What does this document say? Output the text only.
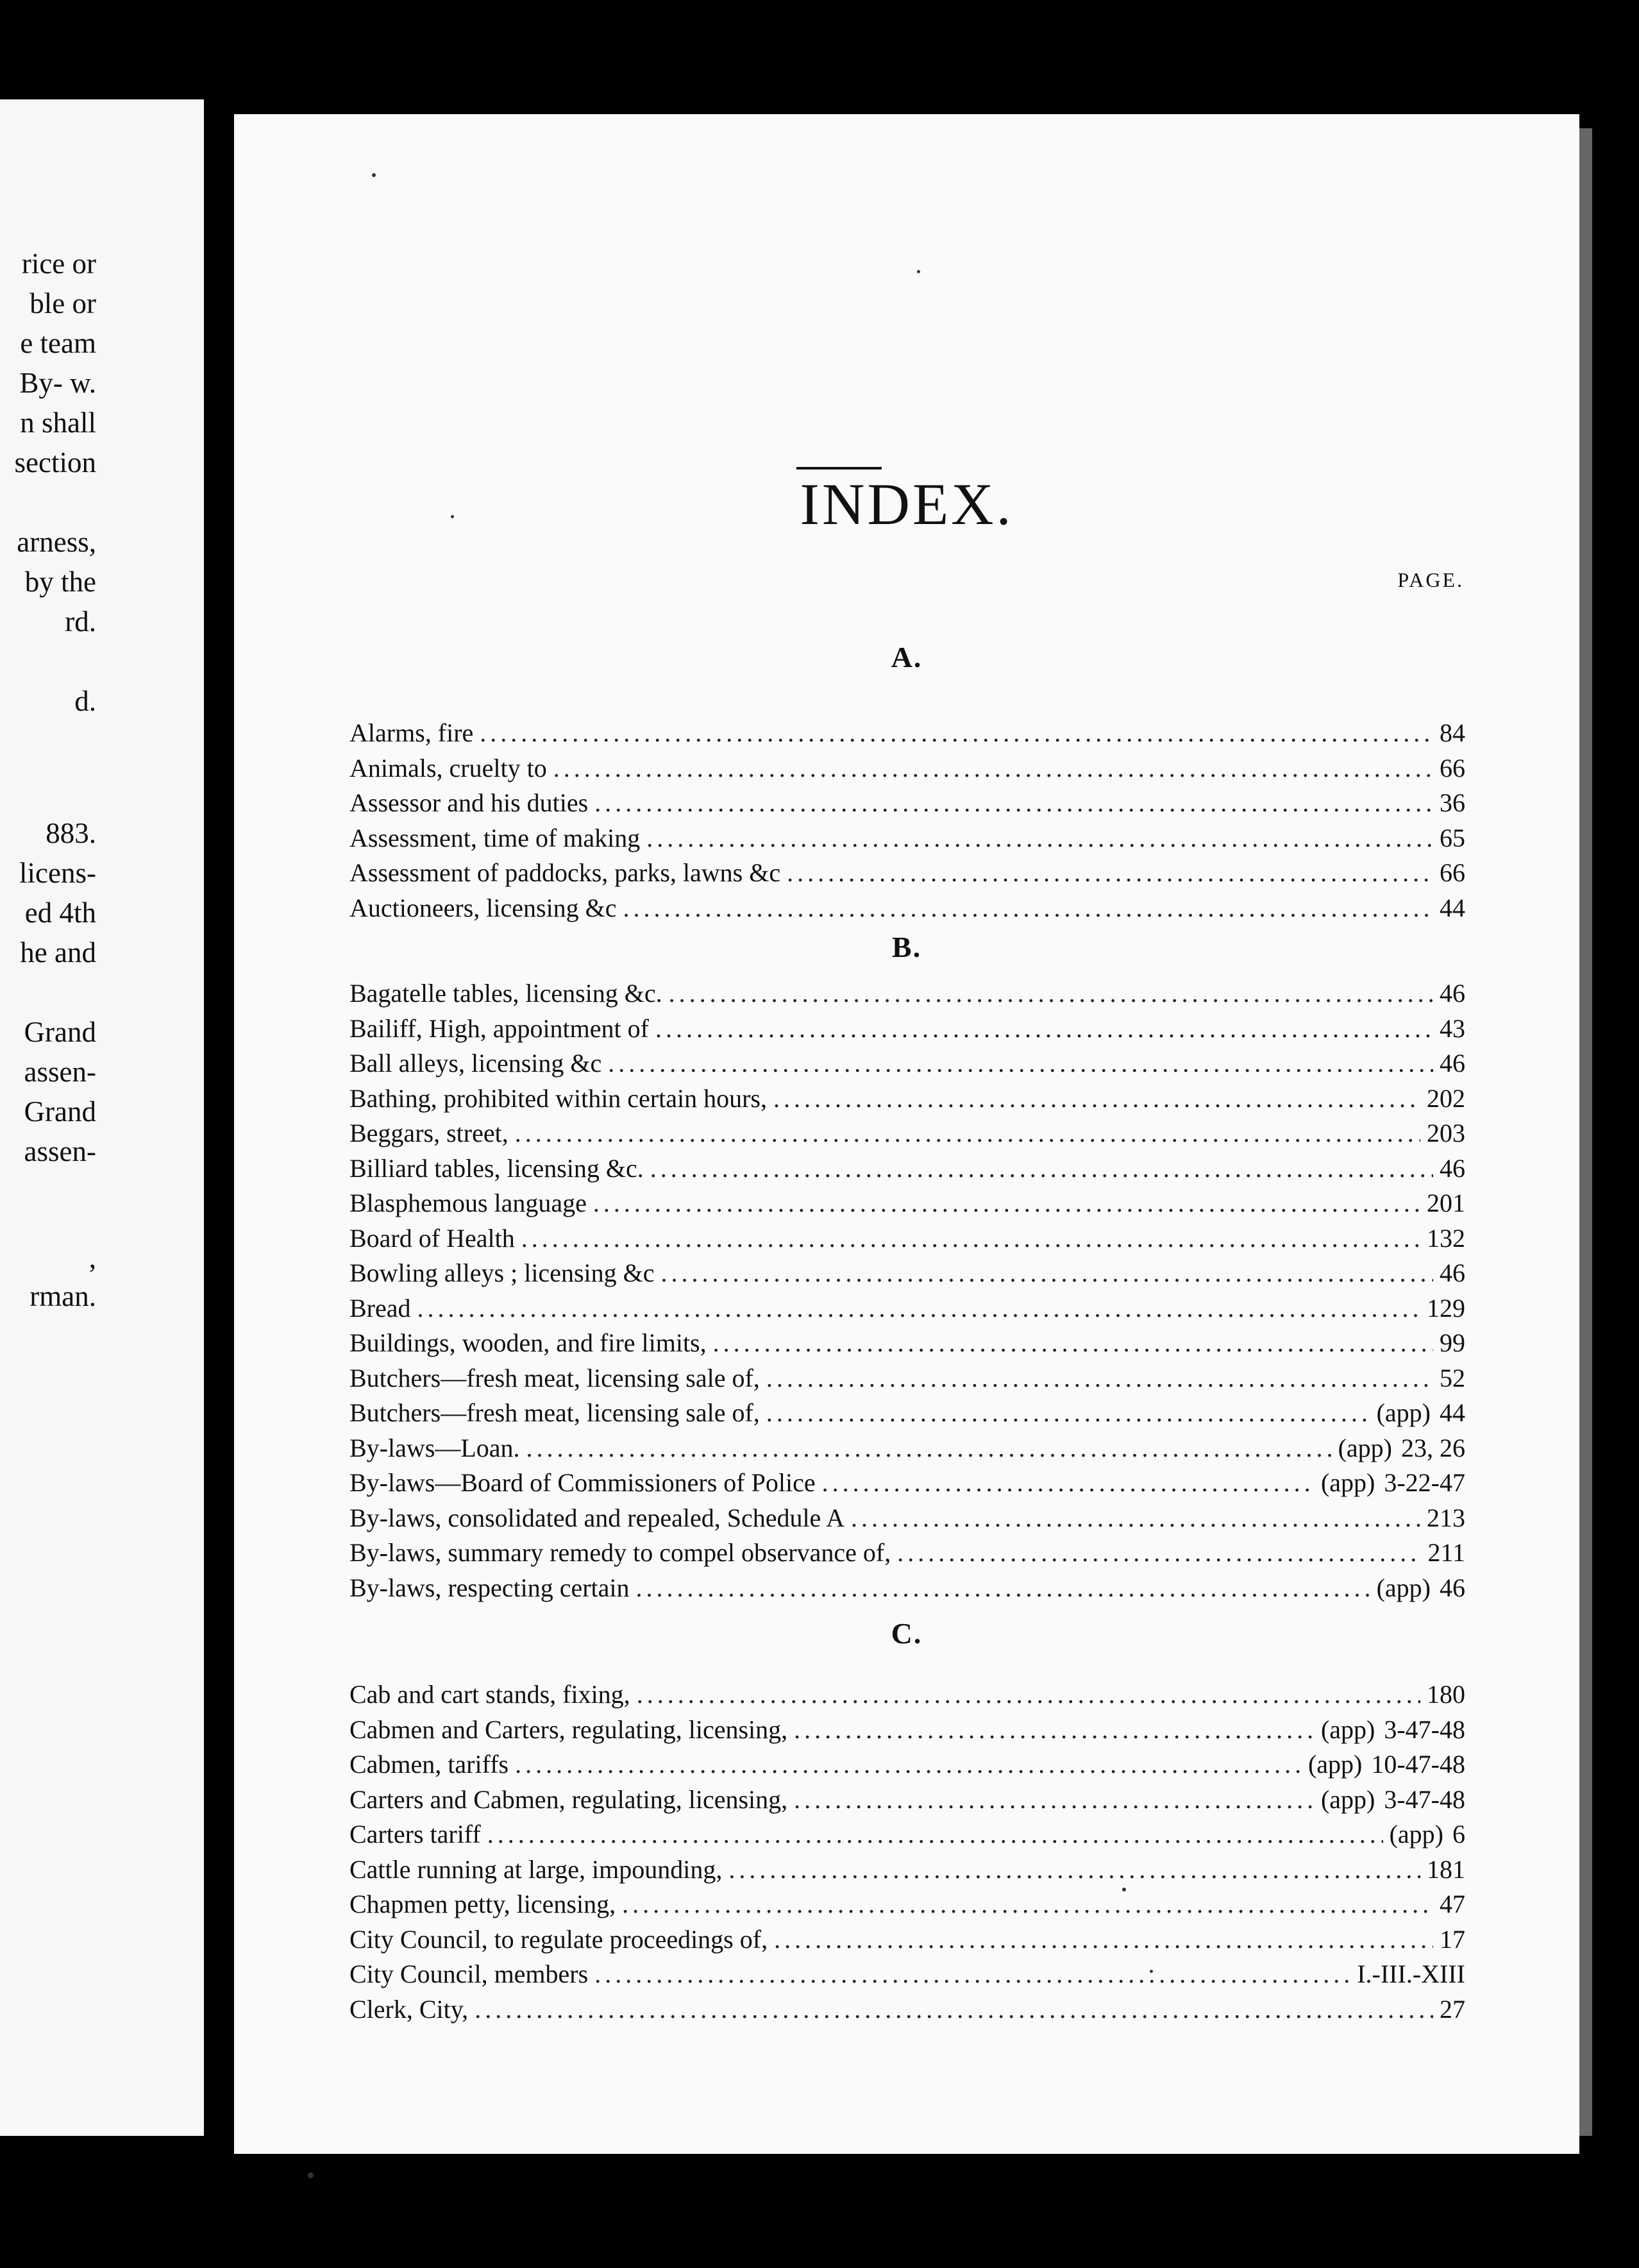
rice or
ble or
e team
By- w.
n shall
section
arness,
by the
rd.
d.
883.
licens-
ed 4th
he and
Grand
assen-
Grand
assen-
,
rman.
INDEX.
PAGE.
A.
Alarms, fire .....	84
Animals, cruelty to .....	66
Assessor and his duties .....	36
Assessment, time of making .....	65
Assessment of paddocks, parks, lawns &c .....	66
Auctioneers, licensing &c .....	44
B.
Bagatelle tables, licensing &c. .....	46
Bailiff, High, appointment of .....	43
Ball alleys, licensing &c .....	46
Bathing, prohibited within certain hours, .....	202
Beggars, street, .....	203
Billiard tables, licensing &c. .....	46
Blasphemous language .....	201
Board of Health .....	132
Bowling alleys ; licensing &c .....	46
Bread .....	129
Buildings, wooden, and fire limits, .....	99
Butchers—fresh meat, licensing sale of, .....	52
Butchers—fresh meat, licensing sale of, .....	(app) 44
By-laws—Loan. .....	(app) 23, 26
By-laws—Board of Commissioners of Police .....	(app) 3-22-47
By-laws, consolidated and repealed, Schedule A .....	213
By-laws, summary remedy to compel observance of, .....	211
By-laws, respecting certain .....	(app) 46
C.
Cab and cart stands, fixing, .....	180
Cabmen and Carters, regulating, licensing, .....	(app) 3-47-48
Cabmen, tariffs .....	(app) 10-47-48
Carters and Cabmen, regulating, licensing, .....	(app) 3-47-48
Carters tariff .....	(app) 6
Cattle running at large, impounding, .....	181
Chapmen petty, licensing, .....	47
City Council, to regulate proceedings of, .....	17
City Council, members .....	I.-III.-XIII
Clerk, City, .....	27
